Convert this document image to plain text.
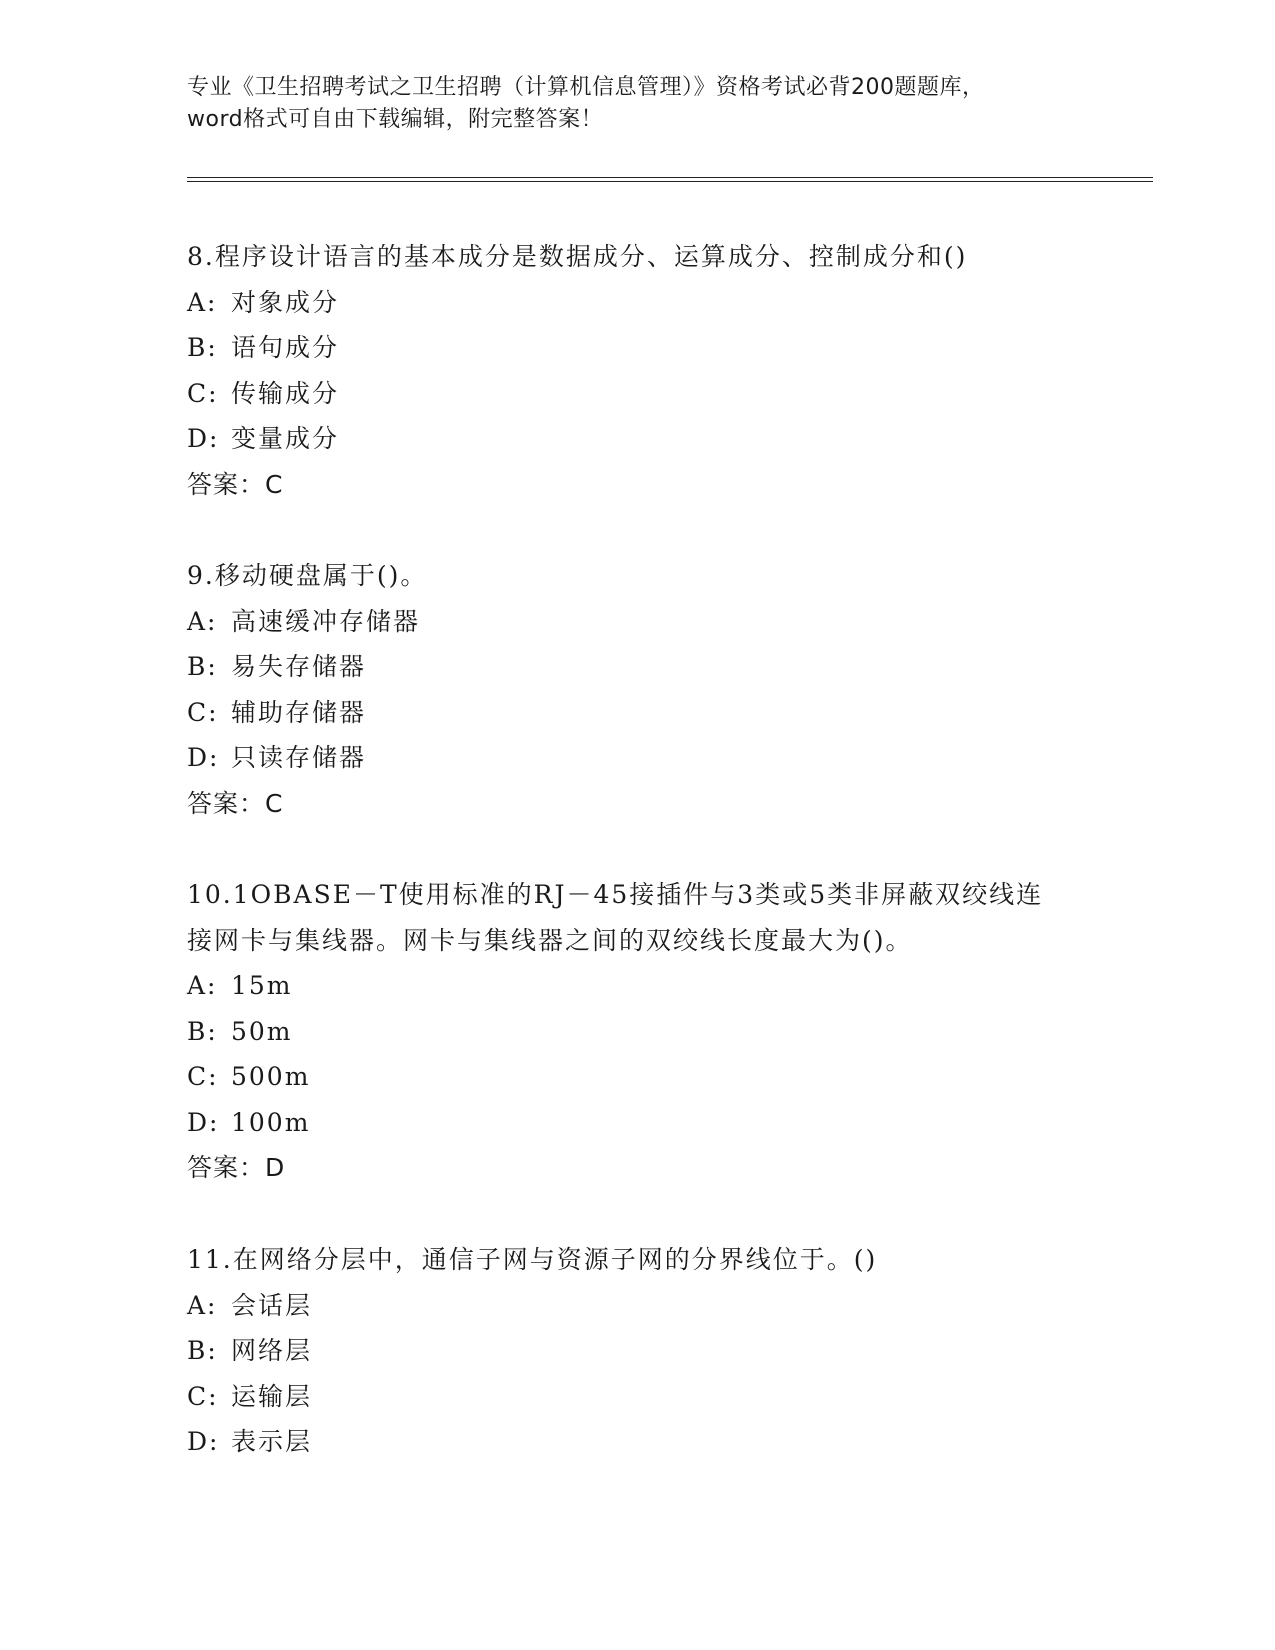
专业《卫生招聘考试之卫生招聘（计算机信息管理）》资格考试必背200题题库，
word格式可自由下载编辑，附完整答案！
8.程序设计语言的基本成分是数据成分、运算成分、控制成分和()
A: 对象成分
B: 语句成分
C: 传输成分
D: 变量成分
答案：C
9.移动硬盘属于()。
A: 高速缓冲存储器
B: 易失存储器
C: 辅助存储器
D: 只读存储器
答案：C
10.1OBASE－T使用标准的RJ－45接插件与3类或5类非屏蔽双绞线连
接网卡与集线器。网卡与集线器之间的双绞线长度最大为()。
A: 15m
B: 50m
C: 500m
D: 100m
答案：D
11.在网络分层中，通信子网与资源子网的分界线位于。()
A: 会话层
B: 网络层
C: 运输层
D: 表示层
